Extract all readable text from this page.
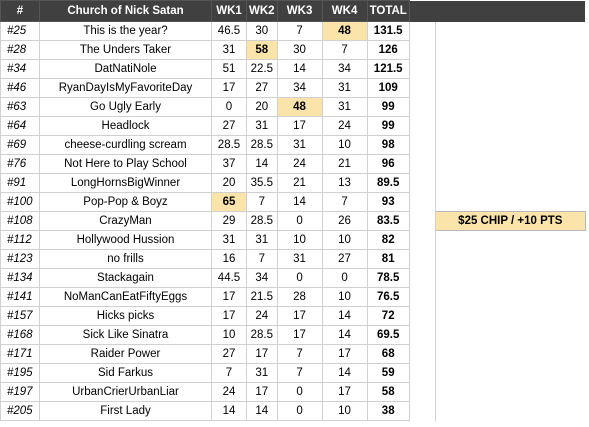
#	Church of Nick Satan	WK1	WK2	WK3	WK4	TOTAL		
#25	This is the year?	46.5	30	7	48	131.5		
#28	The Unders Taker	31	58	30	7	126		
#34	DatNatiNole	51	22.5	14	34	121.5		
#46	RyanDayIsMyFavoriteDay	17	27	34	31	109		
#63	Go Ugly Early	0	20	48	31	99		
#64	Headlock	27	31	17	24	99		
#69	cheese-curdling scream	28.5	28.5	31	10	98		
#76	Not Here to Play School	37	14	24	21	96		
#91	LongHornsBigWinner	20	35.5	21	13	89.5		
#100	Pop-Pop & Boyz	65	7	14	7	93		
#108	CrazyMan	29	28.5	0	26	83.5		$25 CHIP / +10 PTS
#112	Hollywood Hussion	31	31	10	10	82		
#123	no frills	16	7	31	27	81		
#134	Stackagain	44.5	34	0	0	78.5		
#141	NoManCanEatFiftyEggs	17	21.5	28	10	76.5		
#157	Hicks picks	17	24	17	14	72		
#168	Sick Like Sinatra	10	28.5	17	14	69.5		
#171	Raider Power	27	17	7	17	68		
#195	Sid Farkus	7	31	7	14	59		
#197	UrbanCrierUrbanLiar	24	17	0	17	58		
#205	First Lady	14	14	0	10	38		
